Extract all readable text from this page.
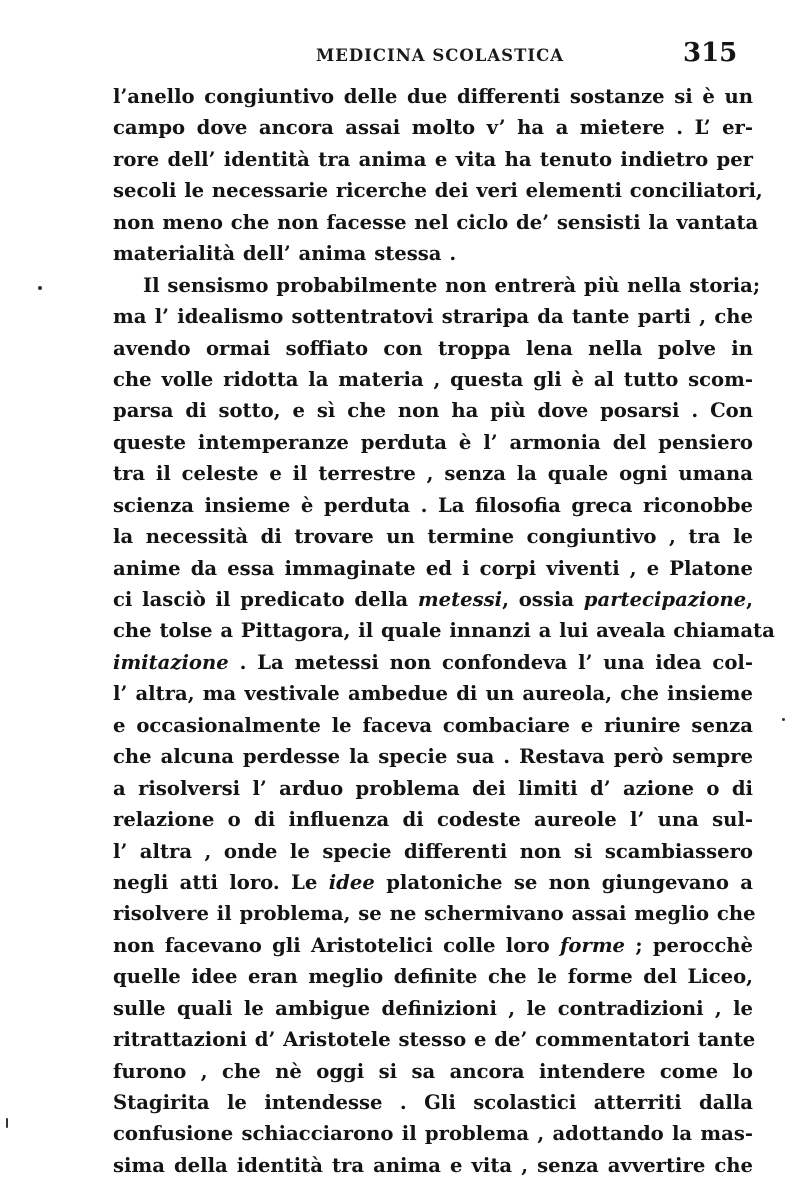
MEDICINA SCOLASTICA	315
l’anello congiuntivo delle due differenti sostanze si è un
campo dove ancora assai molto v’ ha a mietere . L’ er-
rore dell’ identità tra anima e vita ha tenuto indietro per
secoli le necessarie ricerche dei veri elementi conciliatori,
non meno che non facesse nel ciclo de’ sensisti la vantata
materialità dell’ anima stessa .
Il sensismo probabilmente non entrerà più nella storia;
ma l’ idealismo sottentratovi straripa da tante parti , che
avendo ormai soffiato con troppa lena nella polve in
che volle ridotta la materia , questa gli è al tutto scom-
parsa di sotto, e sì che non ha più dove posarsi . Con
queste intemperanze perduta è l’ armonia del pensiero
tra il celeste e il terrestre , senza la quale ogni umana
scienza insieme è perduta . La filosofia greca riconobbe
la necessità di trovare un termine congiuntivo , tra le
anime da essa immaginate ed i corpi viventi , e Platone
ci lasciò il predicato della metessi, ossia partecipazione,
che tolse a Pittagora, il quale innanzi a lui aveala chiamata
imitazione . La metessi non confondeva l’ una idea col-
l’ altra, ma vestivale ambedue di un aureola, che insieme
e occasionalmente le faceva combaciare e riunire senza
che alcuna perdesse la specie sua . Restava però sempre
a risolversi l’ arduo problema dei limiti d’ azione o di
relazione o di influenza di codeste aureole l’ una sul-
l’ altra , onde le specie differenti non si scambiassero
negli atti loro. Le idee platoniche se non giungevano a
risolvere il problema, se ne schermivano assai meglio che
non facevano gli Aristotelici colle loro forme ; perocchè
quelle idee eran meglio definite che le forme del Liceo,
sulle quali le ambigue definizioni , le contradizioni , le
ritrattazioni d’ Aristotele stesso e de’ commentatori tante
furono , che nè oggi si sa ancora intendere come lo
Stagirita le intendesse . Gli scolastici atterriti dalla
confusione schiacciarono il problema , adottando la mas-
sima della identità tra anima e vita , senza avvertire che
